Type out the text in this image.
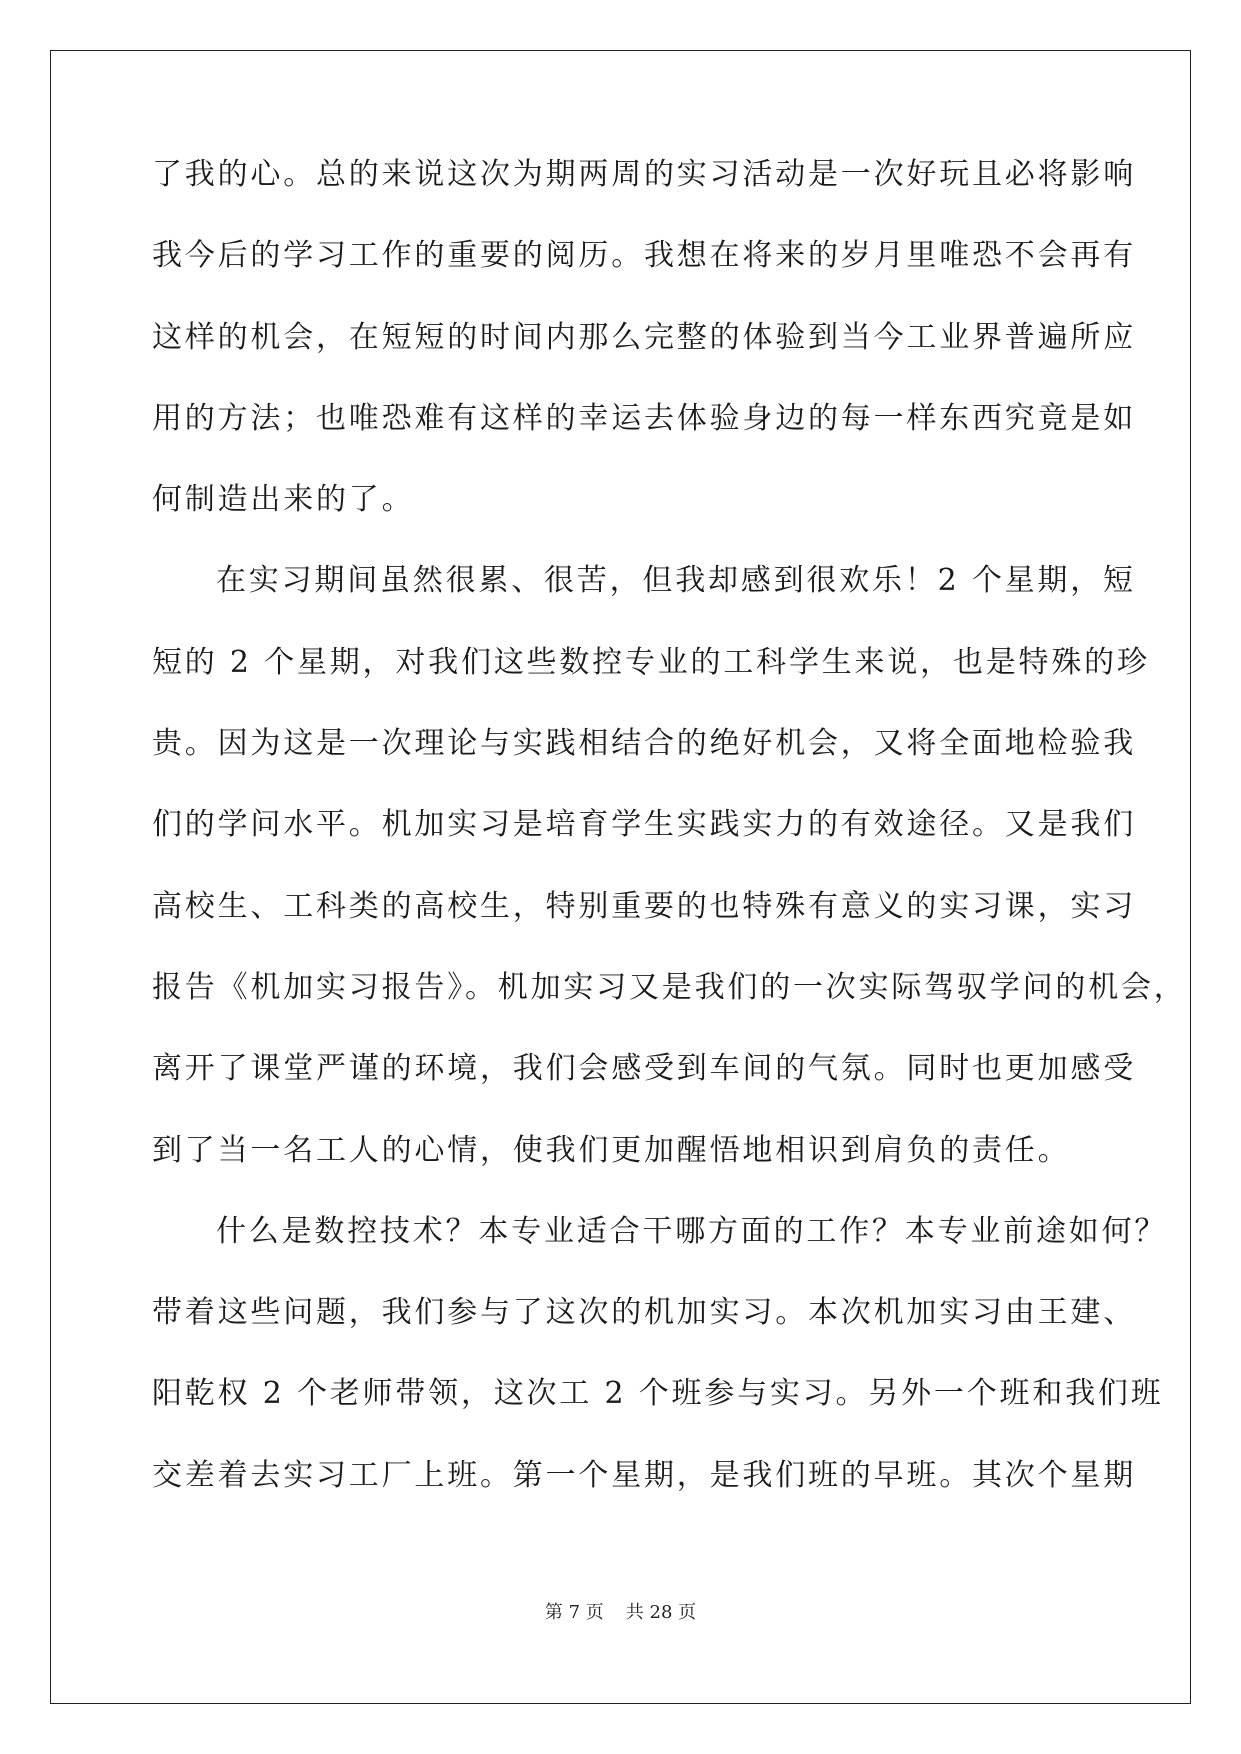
了我的心。总的来说这次为期两周的实习活动是一次好玩且必将影响
我今后的学习工作的重要的阅历。我想在将来的岁月里唯恐不会再有
这样的机会，在短短的时间内那么完整的体验到当今工业界普遍所应
用的方法；也唯恐难有这样的幸运去体验身边的每一样东西究竟是如
何制造出来的了。
在实习期间虽然很累、很苦，但我却感到很欢乐！2 个星期，短
短的 2 个星期，对我们这些数控专业的工科学生来说，也是特殊的珍
贵。因为这是一次理论与实践相结合的绝好机会，又将全面地检验我
们的学问水平。机加实习是培育学生实践实力的有效途径。又是我们
高校生、工科类的高校生，特别重要的也特殊有意义的实习课，实习
报告《机加实习报告》。机加实习又是我们的一次实际驾驭学问的机会，
离开了课堂严谨的环境，我们会感受到车间的气氛。同时也更加感受
到了当一名工人的心情，使我们更加醒悟地相识到肩负的责任。
什么是数控技术？本专业适合干哪方面的工作？本专业前途如何？
带着这些问题，我们参与了这次的机加实习。本次机加实习由王建、
阳乾权 2 个老师带领，这次工 2 个班参与实习。另外一个班和我们班
交差着去实习工厂上班。第一个星期，是我们班的早班。其次个星期
第 7 页 共 28 页
